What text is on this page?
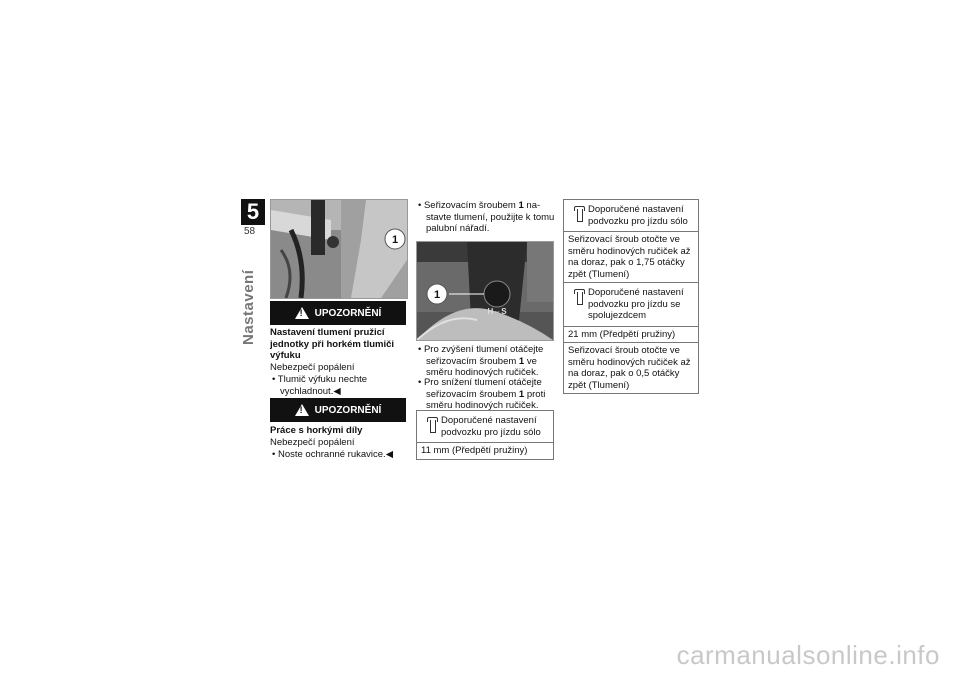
5
58
Nastavení
1
!
UPOZORNĚNÍ
Nastavení tlumení pružicí jednotky při horkém tlumiči výfuku
Nebezpečí popálení
• Tlumič výfuku nechte vychladnout.◀
!
UPOZORNĚNÍ
Práce s horkými díly
Nebezpečí popálení
• Noste ochranné rukavice.◀
• Seřizovacím šroubem 1 na-stavte tlumení, použijte k tomu palubní nářadí.
H⇔S
1
• Pro zvýšení tlumení otáčejte seřizovacím šroubem 1 ve směru hodinových ručiček.
• Pro snížení tlumení otáčejte seřizovacím šroubem 1 proti směru hodinových ručiček.
Doporučené nastavení podvozku pro jízdu sólo
11 mm (Předpětí pružiny)
Doporučené nastavení podvozku pro jízdu sólo
Seřizovací šroub otočte ve směru hodinových ručiček až na doraz, pak o 1,75 otáčky zpět (Tlumení)
Doporučené nastavení podvozku pro jízdu se spolujezdcem
21 mm (Předpětí pružiny)
Seřizovací šroub otočte ve směru hodinových ručiček až na doraz, pak o 0,5 otáčky zpět (Tlumení)
carmanualsonline.info
